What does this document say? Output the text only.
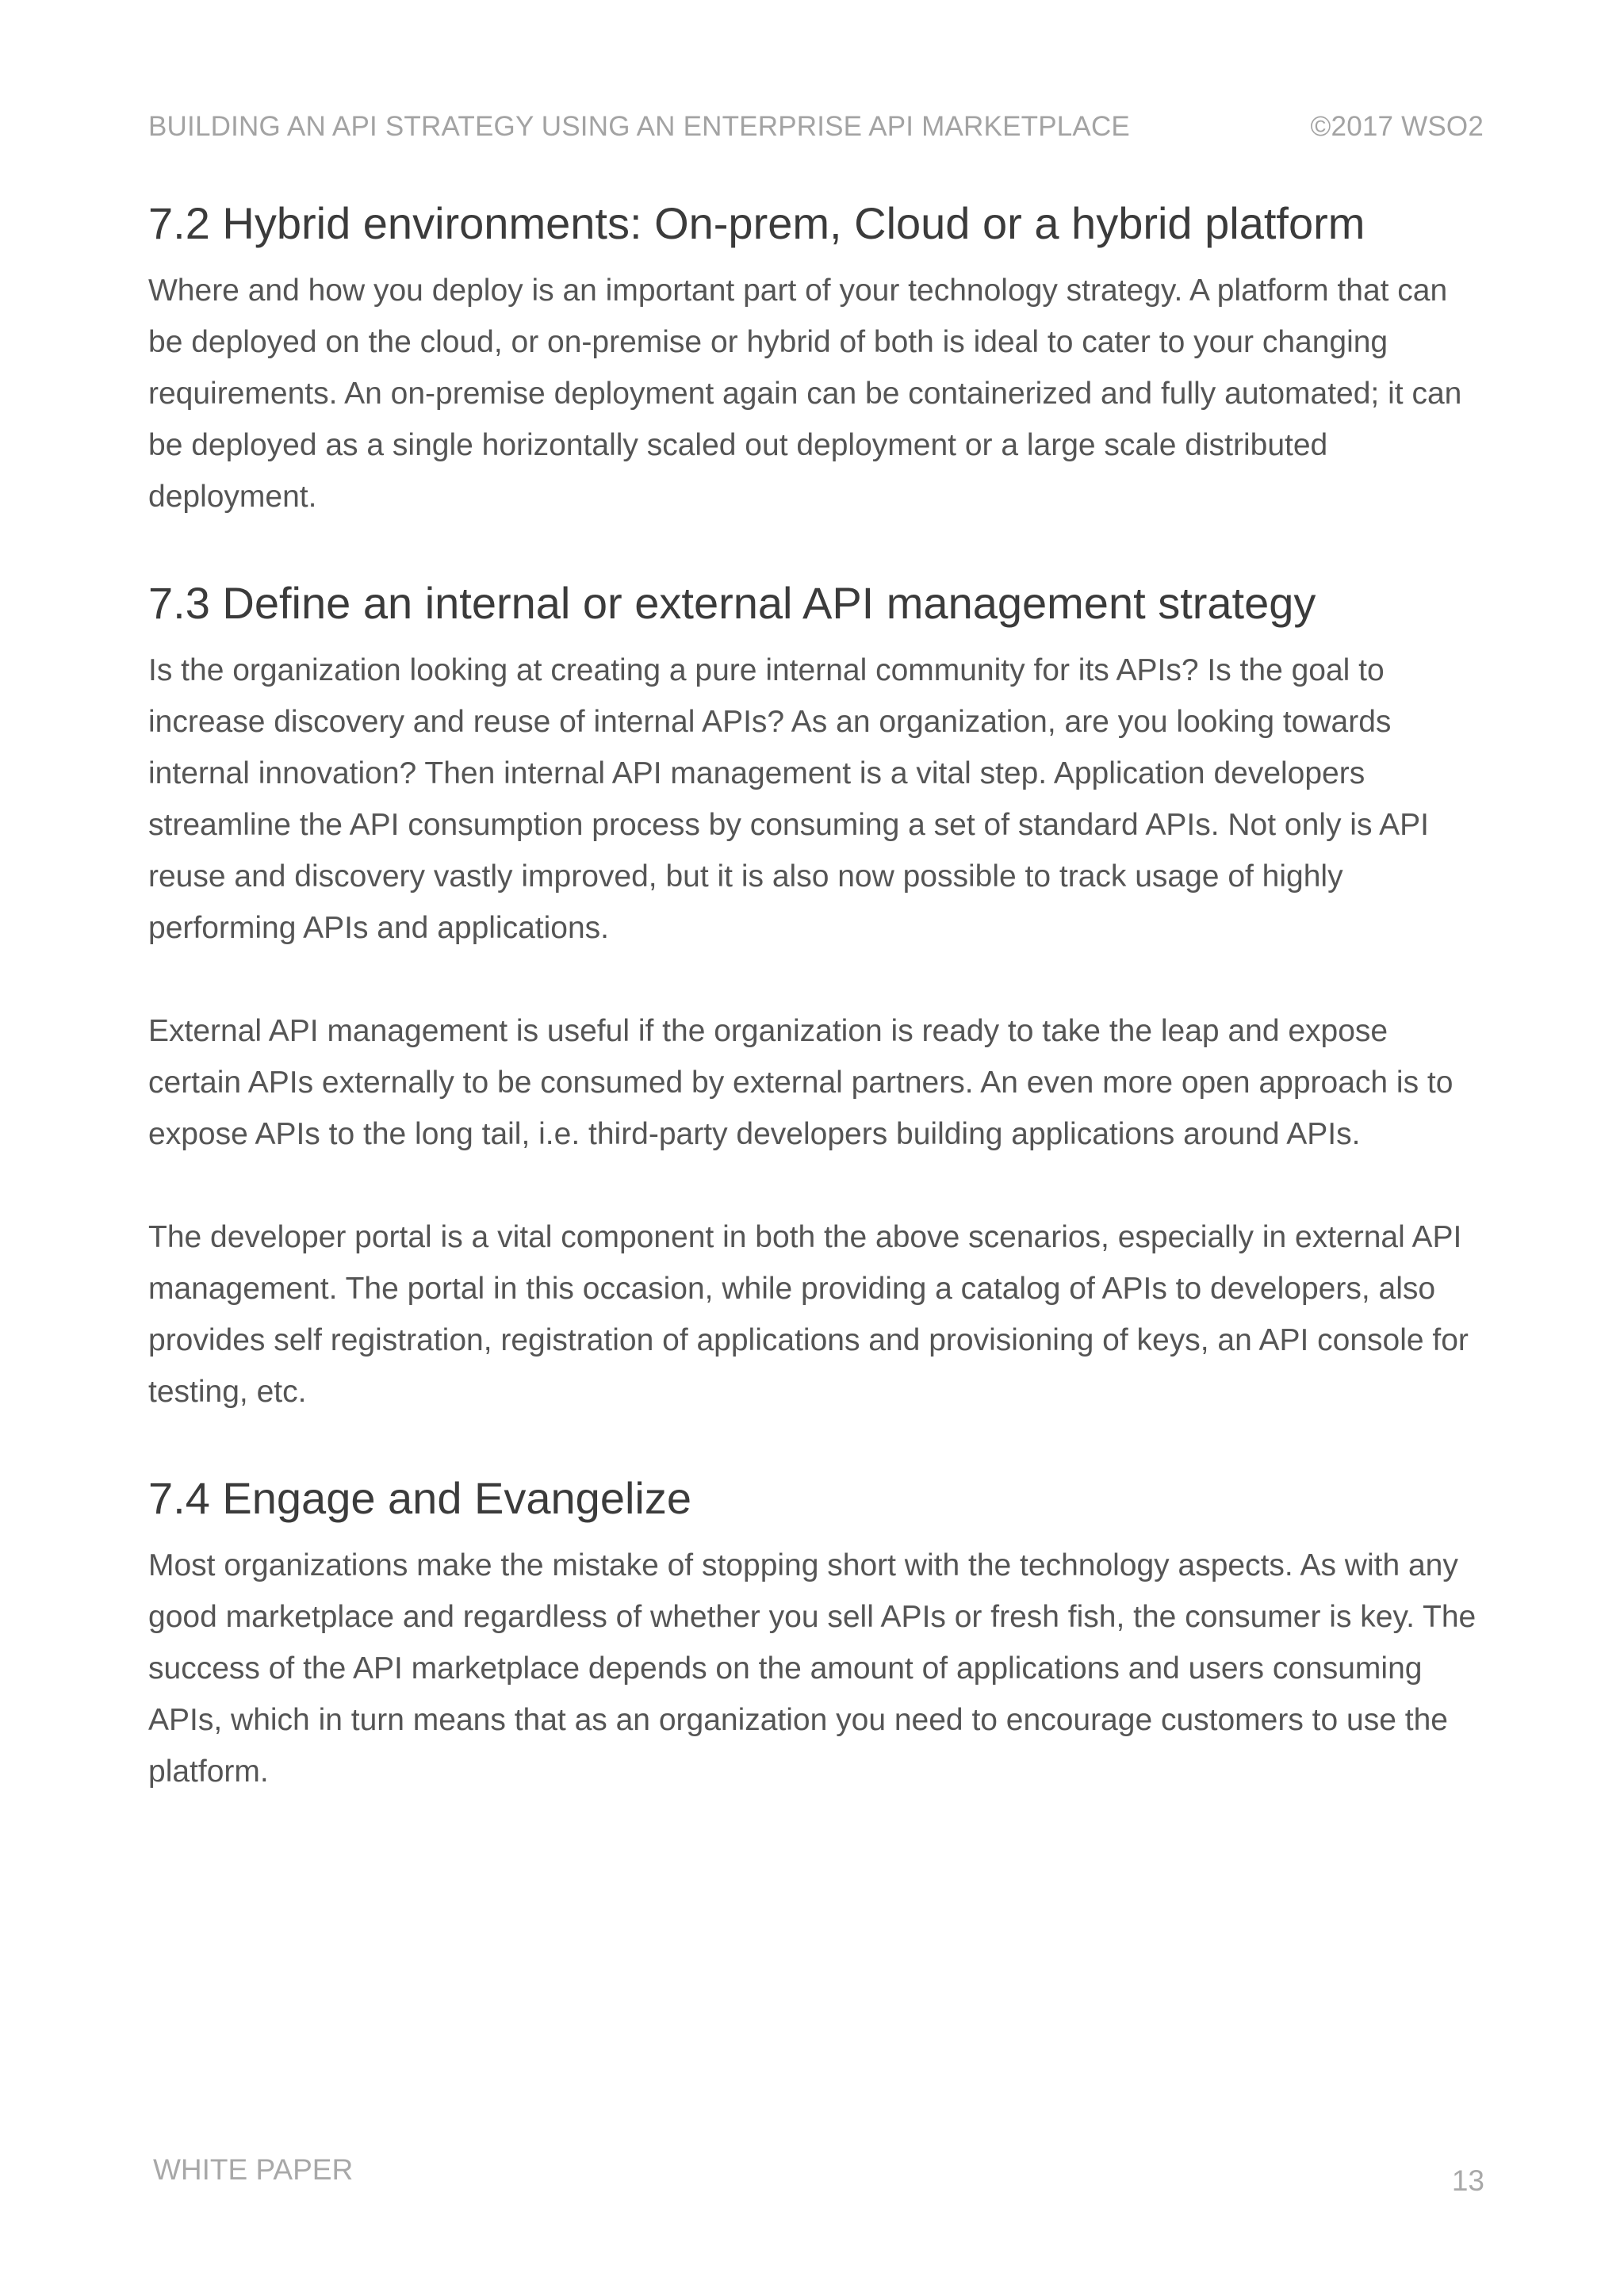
BUILDING AN API STRATEGY USING AN ENTERPRISE API MARKETPLACE	©2017 WSO2
7.2 Hybrid environments: On-prem, Cloud or a hybrid platform

Where and how you deploy is an important part of your technology strategy. A platform that can be deployed on the cloud, or on-premise or hybrid of both is ideal to cater to your changing requirements. An on-premise deployment again can be containerized and fully automated; it can be deployed as a single horizontally scaled out deployment or a large scale distributed deployment.

7.3 Define an internal or external API management strategy

Is the organization looking at creating a pure internal community for its APIs? Is the goal to increase discovery and reuse of internal APIs? As an organization, are you looking towards internal innovation? Then internal API management is a vital step. Application developers streamline the API consumption process by consuming a set of standard APIs. Not only is API reuse and discovery vastly improved, but it is also now possible to track usage of highly performing APIs and applications.

External API management is useful if the organization is ready to take the leap and expose certain APIs externally to be consumed by external partners. An even more open approach is to expose APIs to the long tail, i.e. third-party developers building applications around APIs.

The developer portal is a vital component in both the above scenarios, especially in external API management. The portal in this occasion, while providing a catalog of APIs to developers, also provides self registration, registration of applications and provisioning of keys, an API console for testing, etc.

7.4 Engage and Evangelize

Most organizations make the mistake of stopping short with the technology aspects. As with any good marketplace and regardless of whether you sell APIs or fresh fish, the consumer is key. The success of the API marketplace depends on the amount of applications and users consuming APIs, which in turn means that as an organization you need to encourage customers to use the platform.

WHITE PAPER	13
